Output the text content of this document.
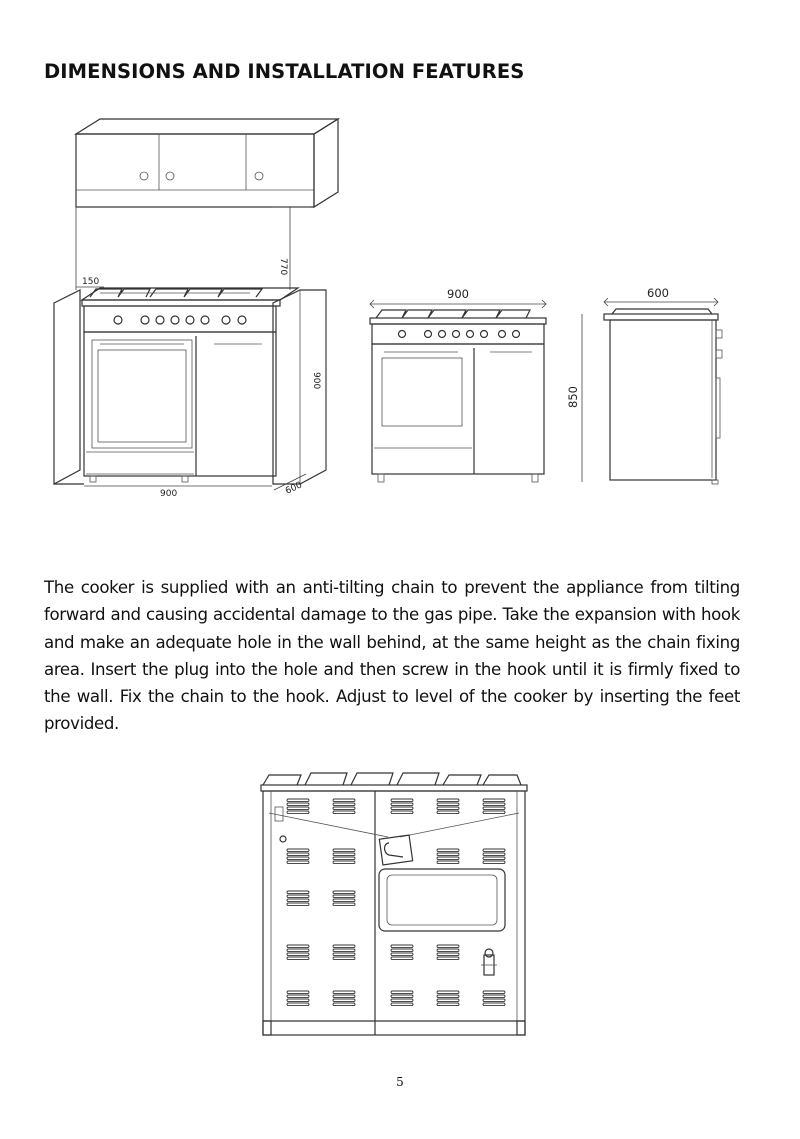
DIMENSIONS AND INSTALLATION FEATURES
770
150
900
900	600
900	600
850

The cooker is supplied with an anti-tilting chain to prevent the appliance from tilting forward and causing accidental damage to the gas pipe. Take the expansion with hook and make an adequate hole in the wall behind, at the same height as the chain fixing area. Insert the plug into the hole and then screw in the hook until it is firmly fixed to the wall. Fix the chain to the hook. Adjust to level of the cooker by inserting the feet provided.

5
